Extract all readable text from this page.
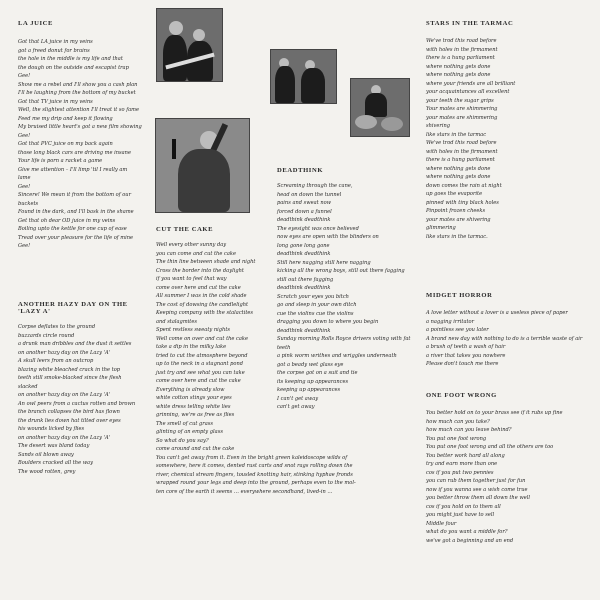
LA JUICE
Got that LA juice in my veins
got a freed donut for brains
the hole in the middle is my life and that
the dough on the outside and escapist trap
Gee!
Show me a rebel and I'll show you a cash plan
I'll be laughing from the bottom of my bucket
Got that TV juice in my veins
Well, the slightest attention I'll treat it so fame
Feed me my drip and keep it flowing
My bruised little heart's got a new film showing
Gee!
Got that PVC juice on my back again
those long black cars are driving me insane
Your life is porn a racket a game
Give me attention – I'll limp 'til I really am
lame
Gee!
Sincere! We mean it from the bottom of our
buckets
Found in the dark, and I'll bask in the shame
Get that oh dear OD juice in my veins
Boiling upto the kettle for one cup of ease
Tread over your pleasure for the life of mine
Gee!
ANOTHER HAZY DAY ON THE 'LAZY A'
Corpse deflates to the ground
buzzards circle round
a drunk man dribbles and the dust it settles
on another hazy day on the Lazy 'A'
A skull leers from an outcrop
blazing white bleached crack in the top
teeth still smoke-blacked since the flesh
slacked
on another hazy day on the Lazy 'A'
An owl peers from a cactus rotten and brown
the branch collapses the bird has flown
the drunk lies down hat tilted over eyes
his wounds licked by flies
on another hazy day on the Lazy 'A'
The desert was bland today
Sands oil blown away
Boulders cracked all the way
The wood rotten, grey
CUT THE CAKE
Well every other sunny day
you can come and cut the cake
The thin line between shade and night
Cross the border into the daylight
if you want to feel that way
come over here and cut the cake
All summer I was in the cold shade
The cost of dowsing the candlelight
Keeping company with the stalactites
and stalagmites
Spent restless sweaty nights
Well come on over and cut the cake
take a dip in the milky lake
tried to cut the atmosphere beyond
up to the neck in a stagnant pond
just try and see what you can take
come over here and cut the cake
Everything is already slow
white cotton stings your eyes
white dress telling white lies
grinning, we're as free as flies
The smell of cut grass
glinting of an empty glass
So what do you say?
come around and cut the cake
You can't get away from it. Even in the bright green kaleidoscope wilds of
somewhere, here it comes, dented rust carts and snot rags rolling down the
river, chemical stream fingers, tousled knotting hair, stinking hyphae fronds
wrapped round your legs and deep into the ground, perhaps even to the mol-
ten core of the earth it seems … everywhere secondhand, lived-in …
DEADTHINK
Screaming through the cane,
head on down the tunnel
pains and sweat now
forced down a funnel
deadthink deadthink
The eyesight was once believed
now eyes are open with the blinders on
long gone long gone
deadthink deadthink
Still here nagging still here nagging
kicking all the wrong boys, still out there fagging
still out there fagging
deadthink deadthink
Scratch your eyes you bitch
go and sleep in your own ditch
cue the violins cue the violins
dragging you down to where you begin
deadthink deadthink
Sunday morning Rolls Royce drivers voting with fat
teeth
a pink worm writhes and wriggles underneath
got a beady wet glass eye
the corpse got on a suit and tie
its keeping up appearances
keeping up appearances
I can't get away
can't get away
STARS IN THE TARMAC
We've trod this road before
with holes in the firmament
there is a hung parliament
where nothing gets done
where nothing gets done
where your friends are all brilliant
your acquaintances all excellent
your teeth the sugar grips
Your mates are shimmering
your mates are shimmering
shivering
like stars in the tarmac
We've trod this road before
with holes in the firmament
there is a hung parliament
where nothing gets done
where nothing gets done
down comes the rain at night
up goes the evaporite
pinned with tiny black holes
Pinpoint frozen cheeks
your mates are shivering
glimmering
like stars in the tarmac.
MIDGET HORROR
A love letter without a lover is a useless piece of paper
a nagging irritator
a pointless see you later
A brand new day with nothing to do is a terrible waste of air
a brush of teeth a wash of hair
a river that takes you nowhere
Please don't touch me there
ONE FOOT WRONG
You better hold on to your brass see if it rubs up fine
how much can you take?
how much can you leave behind?
You put one foot wrong
You put one foot wrong and all the others are too
You better work hard all along
try and earn more than one
cos if you put two pennies
you can rub them together just for fun
now if you wanna see a wish come true
you better throw them all down the well
cos if you hold on to them all
you might just have to sell
Middle four
what do you want a middle for?
we've got a beginning and an end
